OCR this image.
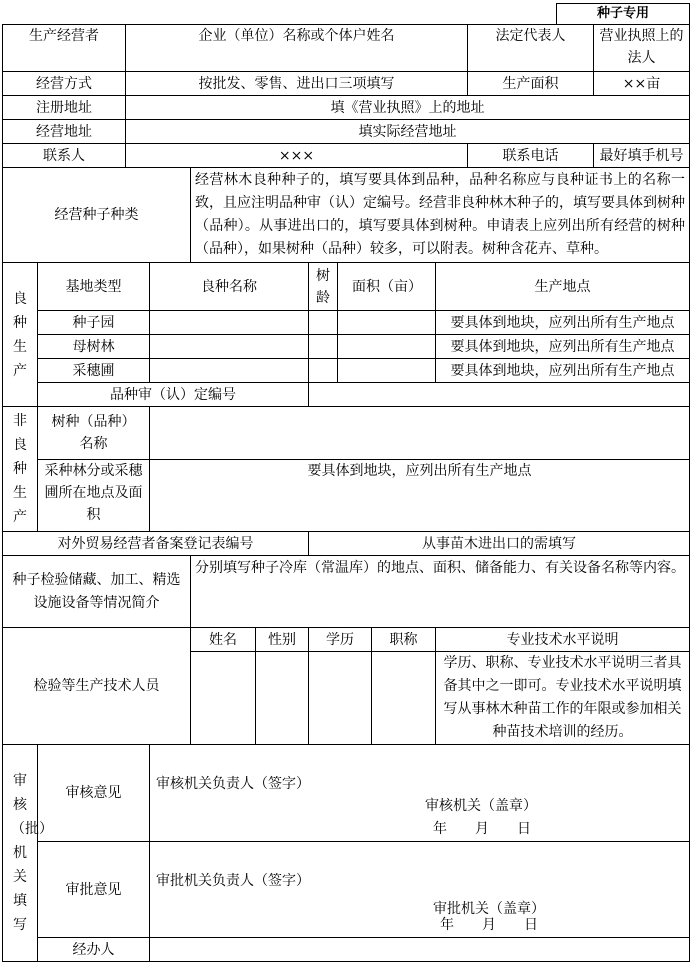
种子专用
生产经营者		企业（单位）名称或个体户姓名								法定代表人	营业执照上的法人
经营方式		按批发、零售、进出口三项填写								生产面积	××亩
注册地址		填《营业执照》上的地址									
经营地址		填实际经营地址									
联系人		×××								联系电话	最好填手机号
经营种子种类				经营林木良种种子的，填写要具体到品种，品种名称应与良种证书上的名称一致，且应注明品种审（认）定编号。经营非良种林木种子的，填写要具体到树种（品种）。从事进出口的，填写要具体到树种。申请表上应列出所有经营的树种（品种），如果树种（品种）较多，可以附表。树种含花卉、草种。							
良种生产	基地类型		良种名称			树龄	面积（亩）		生产地点		
	种子园								要具体到地块，应列出所有生产地点		
	母树林								要具体到地块，应列出所有生产地点		
	采穗圃								要具体到地块，应列出所有生产地点		
	品种审（认）定编号										
非良种生产	树种（品种）名称										
	采种林分或采穗圃所在地点及面积		要具体到地块，应列出所有生产地点								
对外贸易经营者备案登记表编号						从事苗木进出口的需填写					
种子检验储藏、加工、精选设施设备等情况简介				分别填写种子冷库（常温库）的地点、面积、储备能力、有关设备名称等内容。							
检验等生产技术人员				姓名	性别	学历		职称	专业技术水平说明		
									学历、职称、专业技术水平说明三者具备其中之一即可。专业技术水平说明填写从事林木种苗工作的年限或参加相关种苗技术培训的经历。		
审核（批）机关填写	审核意见		审核机关负责人（签字）
审核机关（盖章）
年　　月　　日								

	审批意见		审批机关负责人（签字）
审批机关（盖章）
年　　月　　日								

	经办人										
